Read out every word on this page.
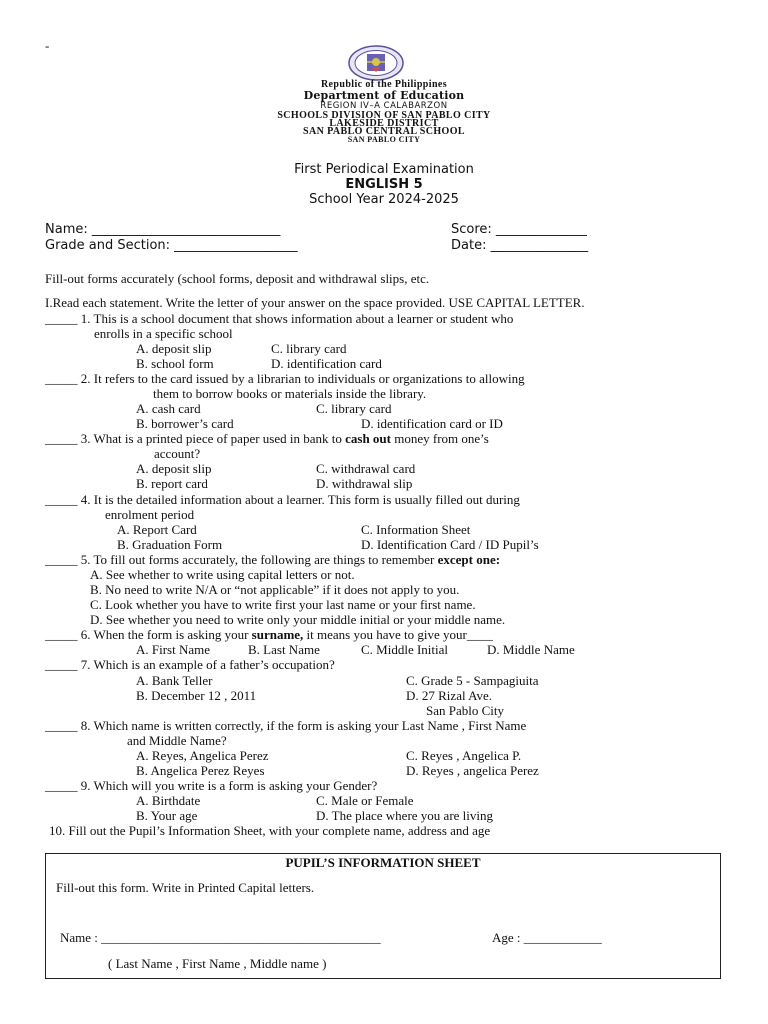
-
Republic of the Philippines
Department of Education
REGION IV–A CALABARZON
SCHOOLS DIVISION OF SAN PABLO CITY
LAKESIDE DISTRICT
SAN PABLO CENTRAL SCHOOL
SAN PABLO CITY
First Periodical Examination
ENGLISH 5
School Year 2024-2025
Name: _____________________________	Score: ______________
Grade and Section: ___________________	Date: _______________
Fill-out forms accurately (school forms, deposit and withdrawal slips, etc.
I.Read each statement. Write the letter of your answer on the space provided. USE CAPITAL LETTER.
_____ 1. This is a school document that shows information about a learner or student who
enrolls in a specific school
A. deposit slip	C. library card
B. school form	D. identification card
_____ 2. It refers to the card issued by a librarian to individuals or organizations to allowing
them to borrow books or materials inside the library.
A. cash card	C. library card
B. borrower’s card	D. identification card or ID
_____ 3. What is a printed piece of paper used in bank to cash out money from one’s
account?
A. deposit slip	C. withdrawal card
B. report card	D. withdrawal slip
_____ 4. It is the detailed information about a learner. This form is usually filled out during
enrolment period
A. Report Card	C. Information Sheet
B. Graduation Form	D. Identification Card / ID Pupil’s
_____ 5. To fill out forms accurately, the following are things to remember except one:
A. See whether to write using capital letters or not.
B. No need to write N/A or “not applicable” if it does not apply to you.
C. Look whether you have to write first your last name or your first name.
D. See whether you need to write only your middle initial or your middle name.
_____ 6. When the form is asking your surname, it means you have to give your____
A. First Name	B. Last Name	C. Middle Initial	D. Middle Name
_____ 7. Which is an example of a father’s occupation?
A. Bank Teller	C. Grade 5 - Sampagiuita
B. December 12 , 2011	D. 27 Rizal Ave.
San Pablo City
_____ 8. Which name is written correctly, if the form is asking your Last Name , First Name
and Middle Name?
A. Reyes, Angelica Perez	C. Reyes , Angelica P.
B. Angelica Perez Reyes	D. Reyes , angelica Perez
_____ 9. Which will you write is a form is asking your Gender?
A. Birthdate	C. Male or Female
B. Your age	D. The place where you are living
10. Fill out the Pupil’s Information Sheet, with your complete name, address and age
PUPIL’S INFORMATION SHEET
Fill-out this form. Write in Printed Capital letters.
Name : ___________________________________________	Age : ____________
( Last Name , First Name , Middle name )
